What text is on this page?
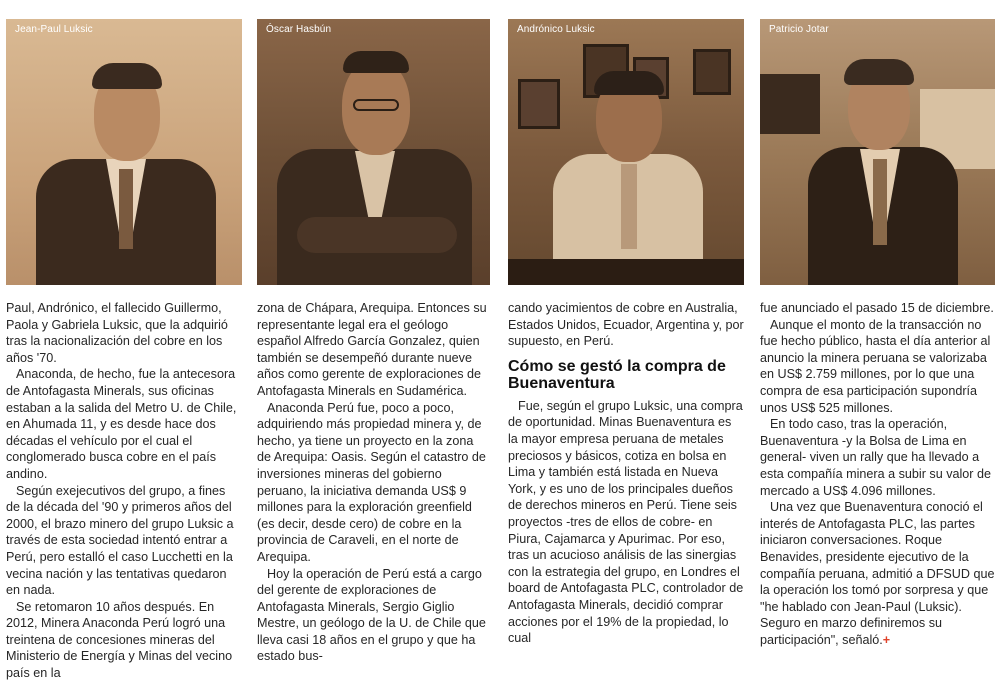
Jean-Paul Luksic	Óscar Hasbún	Andrónico Luksic	Patricio Jotar

Paul, Andrónico, el fallecido Guillermo, Paola y Gabriela Luksic, que la adquirió tras la nacionalización del cobre en los años '70.

Anaconda, de hecho, fue la antecesora de Antofagasta Minerals, sus oficinas estaban a la salida del Metro U. de Chile, en Ahumada 11, y es desde hace dos décadas el vehículo por el cual el conglomerado busca cobre en el país andino.

Según exejecutivos del grupo, a fines de la década del '90 y primeros años del 2000, el brazo minero del grupo Luksic a través de esta sociedad intentó entrar a Perú, pero estalló el caso Lucchetti en la vecina nación y las tentativas quedaron en nada.

Se retomaron 10 años después. En 2012, Minera Anaconda Perú logró una treintena de concesiones mineras del Ministerio de Energía y Minas del vecino país en la

zona de Chápara, Arequipa. Entonces su representante legal era el geólogo español Alfredo García Gonzalez, quien también se desempeñó durante nueve años como gerente de exploraciones de Antofagasta Minerals en Sudamérica.

Anaconda Perú fue, poco a poco, adquiriendo más propiedad minera y, de hecho, ya tiene un proyecto en la zona de Arequipa: Oasis. Según el catastro de inversiones mineras del gobierno peruano, la iniciativa demanda US$ 9 millones para la exploración greenfield (es decir, desde cero) de cobre en la provincia de Caraveli, en el norte de Arequipa.

Hoy la operación de Perú está a cargo del gerente de exploraciones de Antofagasta Minerals, Sergio Giglio Mestre, un geólogo de la U. de Chile que lleva casi 18 años en el grupo y que ha estado bus-

cando yacimientos de cobre en Australia, Estados Unidos, Ecuador, Argentina y, por supuesto, en Perú.

Cómo se gestó la compra de Buenaventura

Fue, según el grupo Luksic, una compra de oportunidad. Minas Buenaventura es la mayor empresa peruana de metales preciosos y básicos, cotiza en bolsa en Lima y también está listada en Nueva York, y es uno de los principales dueños de derechos mineros en Perú. Tiene seis proyectos -tres de ellos de cobre- en Piura, Cajamarca y Apurimac. Por eso, tras un acucioso análisis de las sinergias con la estrategia del grupo, en Londres el board de Antofagasta PLC, controlador de Antofagasta Minerals, decidió comprar acciones por el 19% de la propiedad, lo cual

fue anunciado el pasado 15 de diciembre.

Aunque el monto de la transacción no fue hecho público, hasta el día anterior al anuncio la minera peruana se valorizaba en US$ 2.759 millones, por lo que una compra de esa participación supondría unos US$ 525 millones.

En todo caso, tras la operación, Buenaventura -y la Bolsa de Lima en general- viven un rally que ha llevado a esta compañía minera a subir su valor de mercado a US$ 4.096 millones.

Una vez que Buenaventura conoció el interés de Antofagasta PLC, las partes iniciaron conversaciones. Roque Benavides, presidente ejecutivo de la compañía peruana, admitió a DFSUD que la operación los tomó por sorpresa y que "he hablado con Jean-Paul (Luksic). Seguro en marzo definiremos su participación", señaló.+
